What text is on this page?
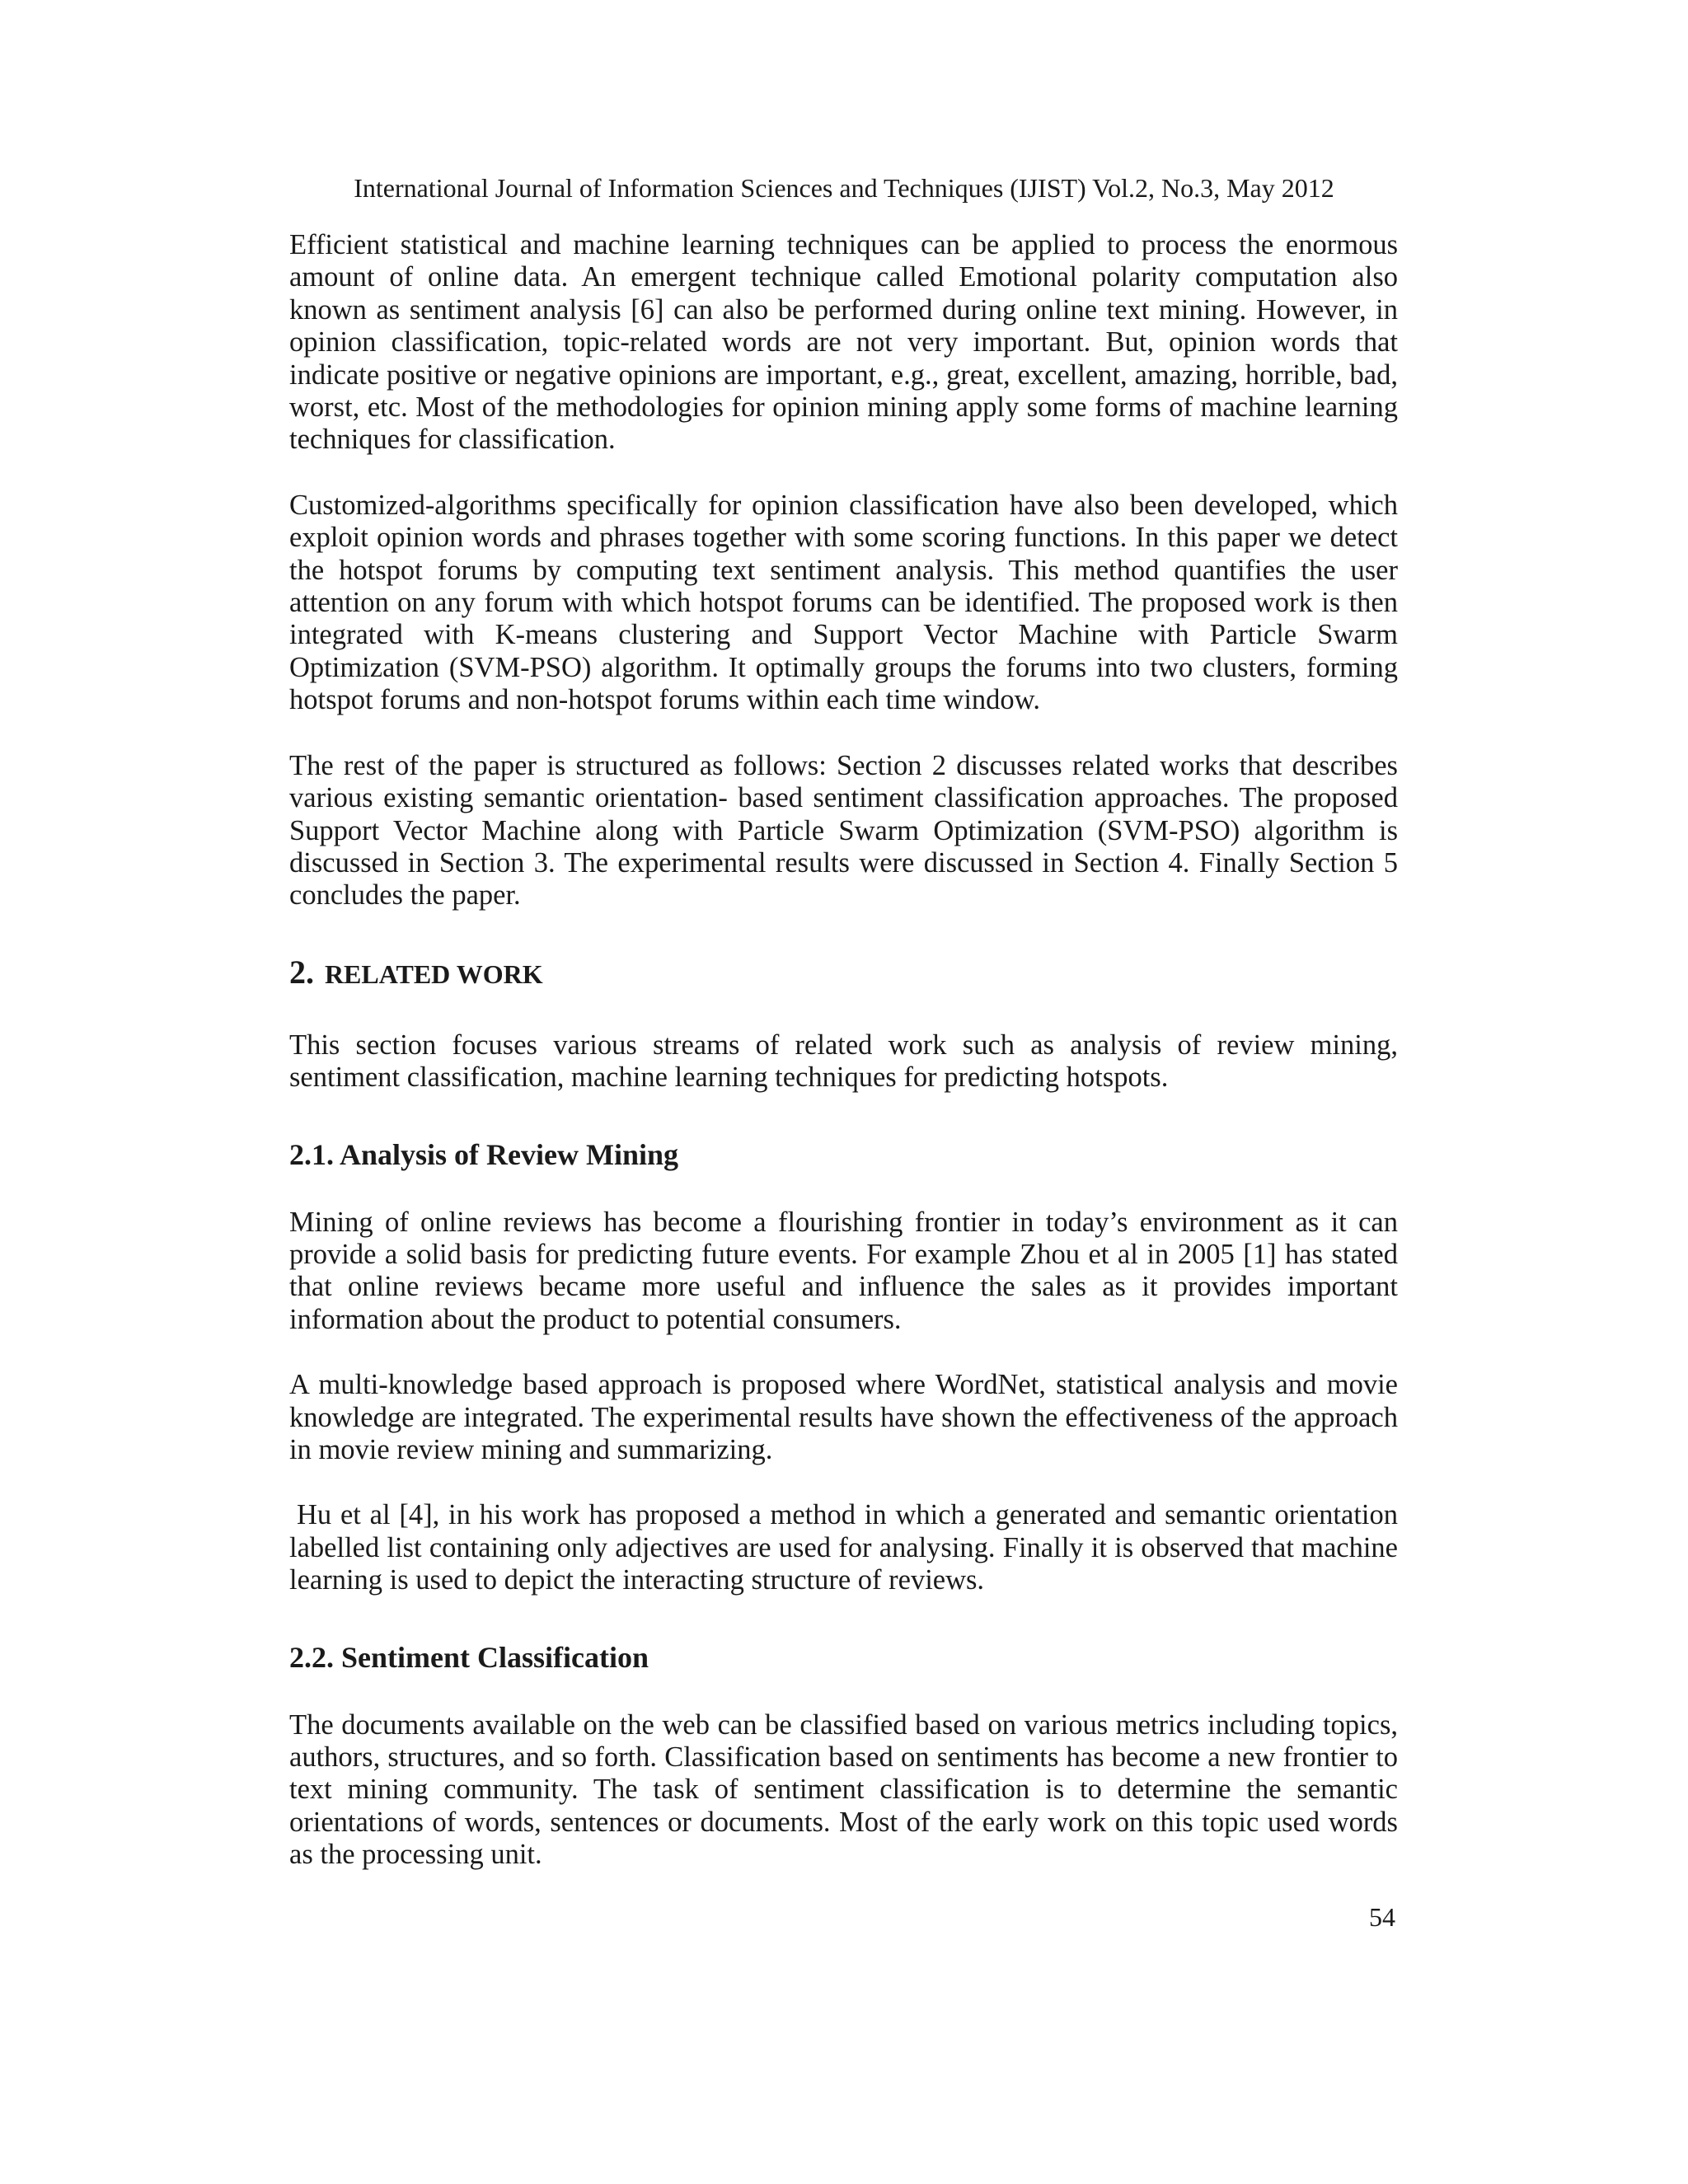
International Journal of Information Sciences and Techniques (IJIST) Vol.2, No.3, May 2012

Efficient statistical and machine learning techniques can be applied to process the enormous amount of online data. An emergent technique called Emotional polarity computation also known as sentiment analysis [6] can also be performed during online text mining. However, in opinion classification, topic-related words are not very important. But, opinion words that indicate positive or negative opinions are important, e.g., great, excellent, amazing, horrible, bad, worst, etc. Most of the methodologies for opinion mining apply some forms of machine learning techniques for classification.

Customized-algorithms specifically for opinion classification have also been developed, which exploit opinion words and phrases together with some scoring functions. In this paper we detect the hotspot forums by computing text sentiment analysis. This method quantifies the user attention on any forum with which hotspot forums can be identified. The proposed work is then integrated with K-means clustering and Support Vector Machine with Particle Swarm Optimization (SVM-PSO) algorithm. It optimally groups the forums into two clusters, forming hotspot forums and non-hotspot forums within each time window.

The rest of the paper is structured as follows: Section 2 discusses related works that describes various existing semantic orientation- based sentiment classification approaches. The proposed Support Vector Machine along with Particle Swarm Optimization (SVM-PSO) algorithm is discussed in Section 3. The experimental results were discussed in Section 4. Finally Section 5 concludes the paper.

2. RELATED WORK

This section focuses various streams of related work such as analysis of review mining, sentiment classification, machine learning techniques for predicting hotspots.

2.1. Analysis of Review Mining

Mining of online reviews has become a flourishing frontier in today’s environment as it can provide a solid basis for predicting future events. For example Zhou et al in 2005 [1] has stated that online reviews became more useful and influence the sales as it provides important information about the product to potential consumers.

A multi-knowledge based approach is proposed where WordNet, statistical analysis and movie knowledge are integrated. The experimental results have shown the effectiveness of the approach in movie review mining and summarizing.

Hu et al [4], in his work has proposed a method in which a generated and semantic orientation labelled list containing only adjectives are used for analysing. Finally it is observed that machine learning is used to depict the interacting structure of reviews.

2.2. Sentiment Classification

The documents available on the web can be classified based on various metrics including topics, authors, structures, and so forth. Classification based on sentiments has become a new frontier to text mining community. The task of sentiment classification is to determine the semantic orientations of words, sentences or documents. Most of the early work on this topic used words as the processing unit.

54
